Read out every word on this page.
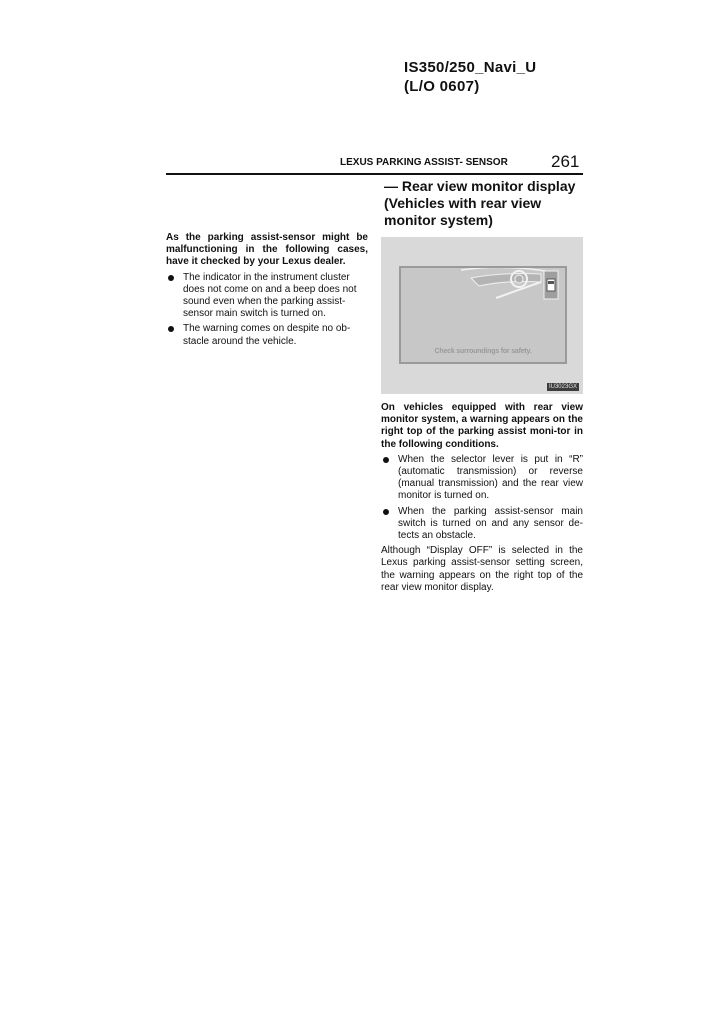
IS350/250_Navi_U
(L/O 0607)
LEXUS PARKING ASSIST- SENSOR	261
As the parking assist-sensor might be malfunctioning in the following cases, have it checked by your Lexus dealer.
The indicator in the instrument cluster does not come on and a beep does not sound even when the parking assist-sensor main switch is turned on.
The warning comes on despite no ob-stacle around the vehicle.
— Rear view monitor display (Vehicles with rear view monitor system)
Check surroundings for safety.
IU3023GX
On vehicles equipped with rear view monitor system, a warning appears on the right top of the parking assist moni-tor in the following conditions.
When the selector lever is put in “R” (automatic transmission) or reverse (manual transmission) and the rear view monitor is turned on.
When the parking assist-sensor main switch is turned on and any sensor de-tects an obstacle.
Although “Display OFF” is selected in the Lexus parking assist-sensor setting screen, the warning appears on the right top of the rear view monitor display.
